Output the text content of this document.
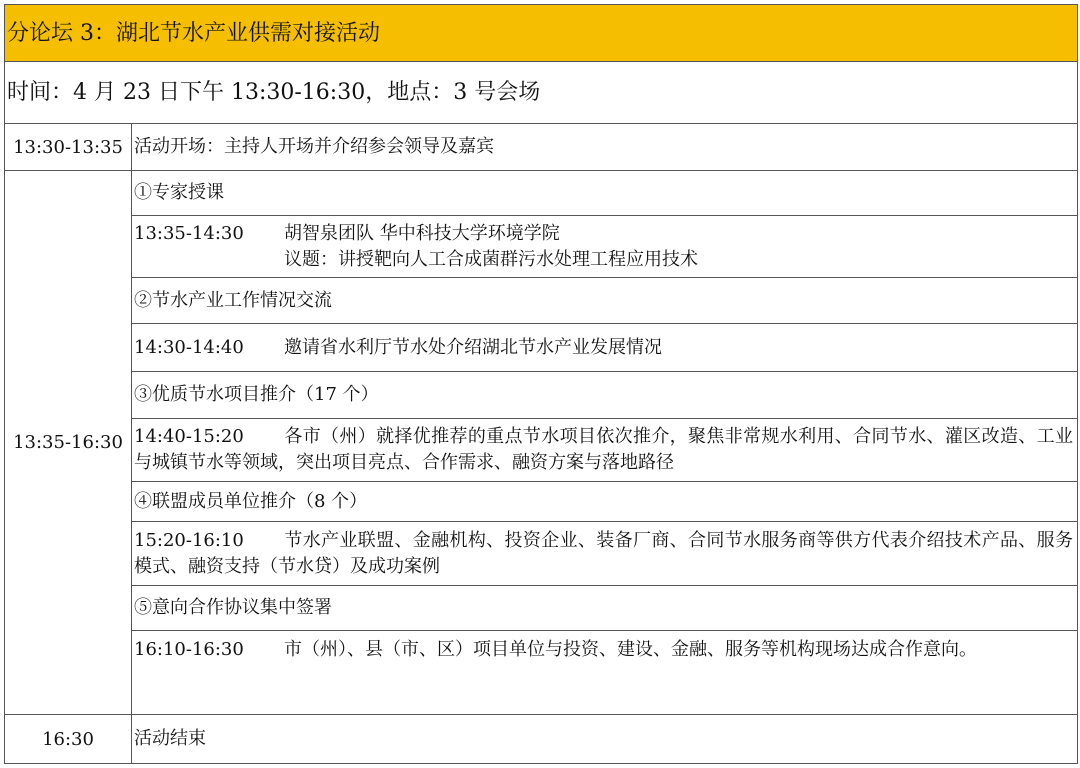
分论坛 3：湖北节水产业供需对接活动
时间：4 月 23 日下午 13:30-16:30，地点：3 号会场
13:30-13:35 活动开场：主持人开场并介绍参会领导及嘉宾
13:35-16:30
①专家授课
13:35-14:30 胡智泉团队 华中科技大学环境学院
议题：讲授靶向人工合成菌群污水处理工程应用技术
②节水产业工作情况交流
14:30-14:40 邀请省水利厅节水处介绍湖北节水产业发展情况
③优质节水项目推介（17 个）
14:40-15:20 各市（州）就择优推荐的重点节水项目依次推介，聚焦非常规水利用、合同节水、灌区改造、工业与城镇节水等领域，突出项目亮点、合作需求、融资方案与落地路径
④联盟成员单位推介（8 个）
15:20-16:10 节水产业联盟、金融机构、投资企业、装备厂商、合同节水服务商等供方代表介绍技术产品、服务模式、融资支持（节水贷）及成功案例
⑤意向合作协议集中签署
16:10-16:30 市（州）、县（市、区）项目单位与投资、建设、金融、服务等机构现场达成合作意向。
16:30	活动结束
